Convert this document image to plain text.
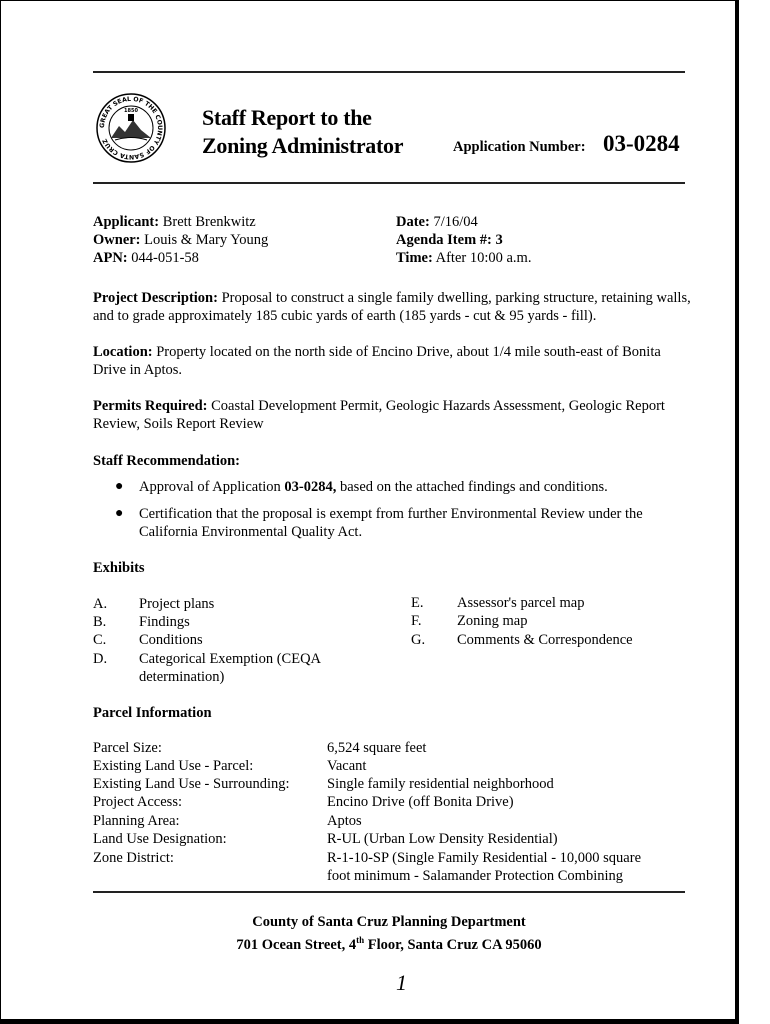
GREAT SEAL OF THE COUNTY OF SANTA CRUZ
1850	Staff Report to the
Zoning Administrator	Application Number: 03-0284
Applicant: Brett Brenkwitz
Owner: Louis & Mary Young
APN: 044-051-58
Date: 7/16/04
Agenda Item #: 3
Time: After 10:00 a.m.
Project Description: Proposal to construct a single family dwelling, parking structure, retaining walls, and to grade approximately 185 cubic yards of earth (185 yards - cut & 95 yards - fill).
Location: Property located on the north side of Encino Drive, about 1/4 mile south-east of Bonita Drive in Aptos.
Permits Required: Coastal Development Permit, Geologic Hazards Assessment, Geologic Report Review, Soils Report Review
Staff Recommendation:
● Approval of Application 03-0284, based on the attached findings and conditions.
● Certification that the proposal is exempt from further Environmental Review under the California Environmental Quality Act.
Exhibits
A. Project plans
B. Findings
C. Conditions
D. Categorical Exemption (CEQA
determination)
E. Assessor's parcel map
F. Zoning map
G. Comments & Correspondence
Parcel Information
Parcel Size:	6,524 square feet
Existing Land Use - Parcel:	Vacant
Existing Land Use - Surrounding:	Single family residential neighborhood
Project Access:	Encino Drive (off Bonita Drive)
Planning Area:	Aptos
Land Use Designation:	R-UL (Urban Low Density Residential)
Zone District:	R-1-10-SP (Single Family Residential - 10,000 square
foot minimum - Salamander Protection Combining
County of Santa Cruz Planning Department
701 Ocean Street, 4th Floor, Santa Cruz CA 95060
1
